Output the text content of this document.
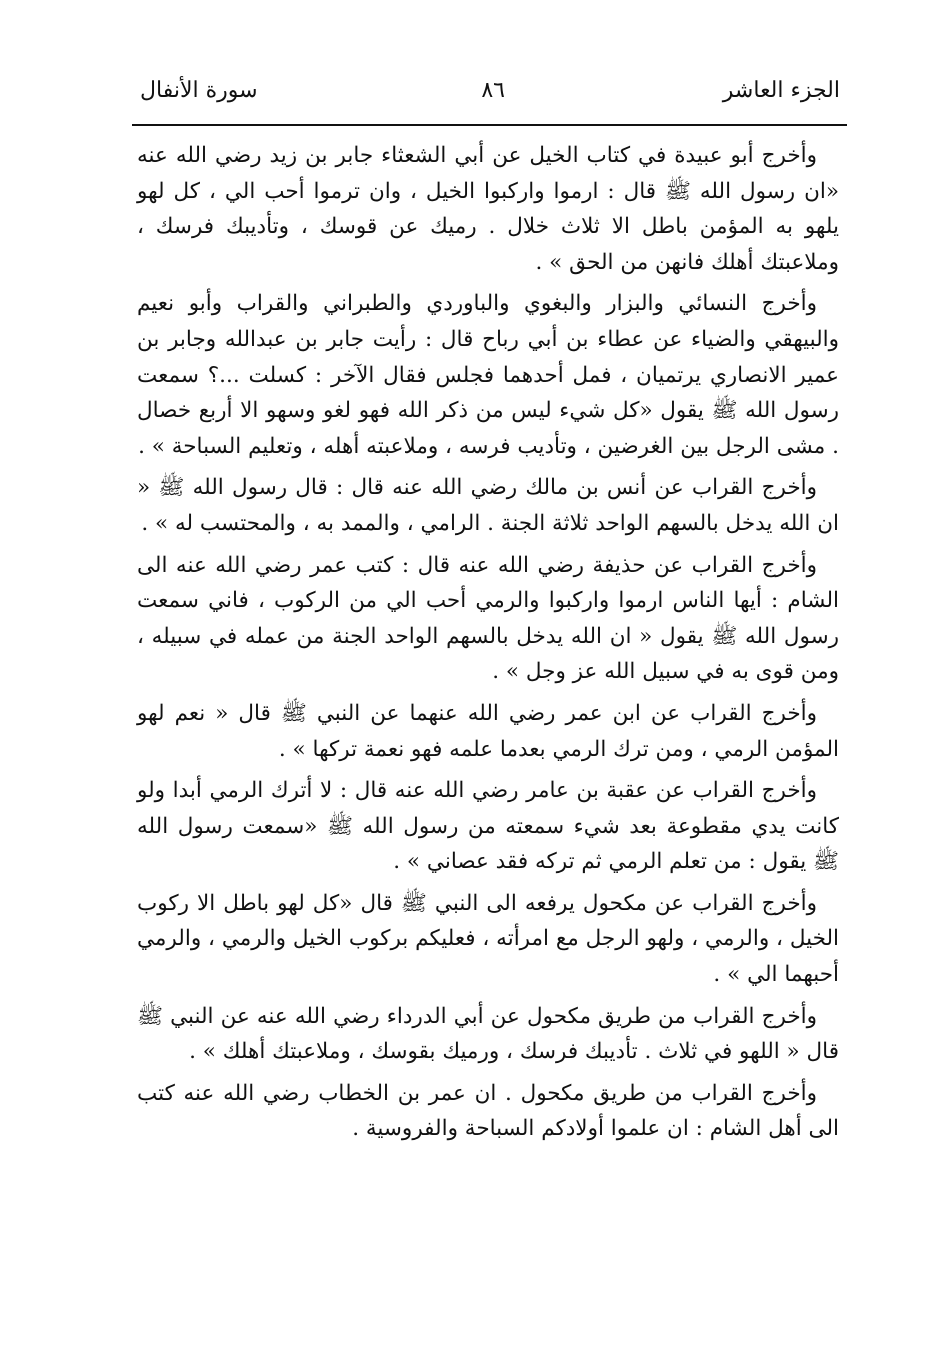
الجزء العاشر
٨٦
سورة الأنفال

وأخرج أبو عبيدة في كتاب الخيل عن أبي الشعثاء جابر بن زيد رضي الله عنه «ان رسول الله ﷺ قال : ارموا واركبوا الخيل ، وان ترموا أحب الي ، كل لهو يلهو به المؤمن باطل الا ثلاث خلال . رميك عن قوسك ، وتأديبك فرسك ، وملاعبتك أهلك فانهن من الحق » .

وأخرج النسائي والبزار والبغوي والباوردي والطبراني والقراب وأبو نعيم والبيهقي والضياء عن عطاء بن أبي رباح قال : رأيت جابر بن عبدالله وجابر بن عمير الانصاري يرتميان ، فمل أحدهما فجلس فقال الآخر : كسلت ...؟ سمعت رسول الله ﷺ يقول «كل شيء ليس من ذكر الله فهو لغو وسهو الا أربع خصال . مشى الرجل بين الغرضين ، وتأديب فرسه ، وملاعبته أهله ، وتعليم السباحة » .

وأخرج القراب عن أنس بن مالك رضي الله عنه قال : قال رسول الله ﷺ « ان الله يدخل بالسهم الواحد ثلاثة الجنة . الرامي ، والممد به ، والمحتسب له » .

وأخرج القراب عن حذيفة رضي الله عنه قال : كتب عمر رضي الله عنه الى الشام : أيها الناس ارموا واركبوا والرمي أحب الي من الركوب ، فاني سمعت رسول الله ﷺ يقول « ان الله يدخل بالسهم الواحد الجنة من عمله في سبيله ، ومن قوى به في سبيل الله عز وجل » .

وأخرج القراب عن ابن عمر رضي الله عنهما عن النبي ﷺ قال « نعم لهو المؤمن الرمي ، ومن ترك الرمي بعدما علمه فهو نعمة تركها » .

وأخرج القراب عن عقبة بن عامر رضي الله عنه قال : لا أترك الرمي أبدا ولو كانت يدي مقطوعة بعد شيء سمعته من رسول الله ﷺ «سمعت رسول الله ﷺ يقول : من تعلم الرمي ثم تركه فقد عصاني » .

وأخرج القراب عن مكحول يرفعه الى النبي ﷺ قال «كل لهو باطل الا ركوب الخيل ، والرمي ، ولهو الرجل مع امرأته ، فعليكم بركوب الخيل والرمي ، والرمي أحبهما الي » .

وأخرج القراب من طريق مكحول عن أبي الدرداء رضي الله عنه عن النبي ﷺ قال « اللهو في ثلاث . تأديبك فرسك ، ورميك بقوسك ، وملاعبتك أهلك » .

وأخرج القراب من طريق مكحول . ان عمر بن الخطاب رضي الله عنه كتب الى أهل الشام : ان علموا أولادكم السباحة والفروسية .
